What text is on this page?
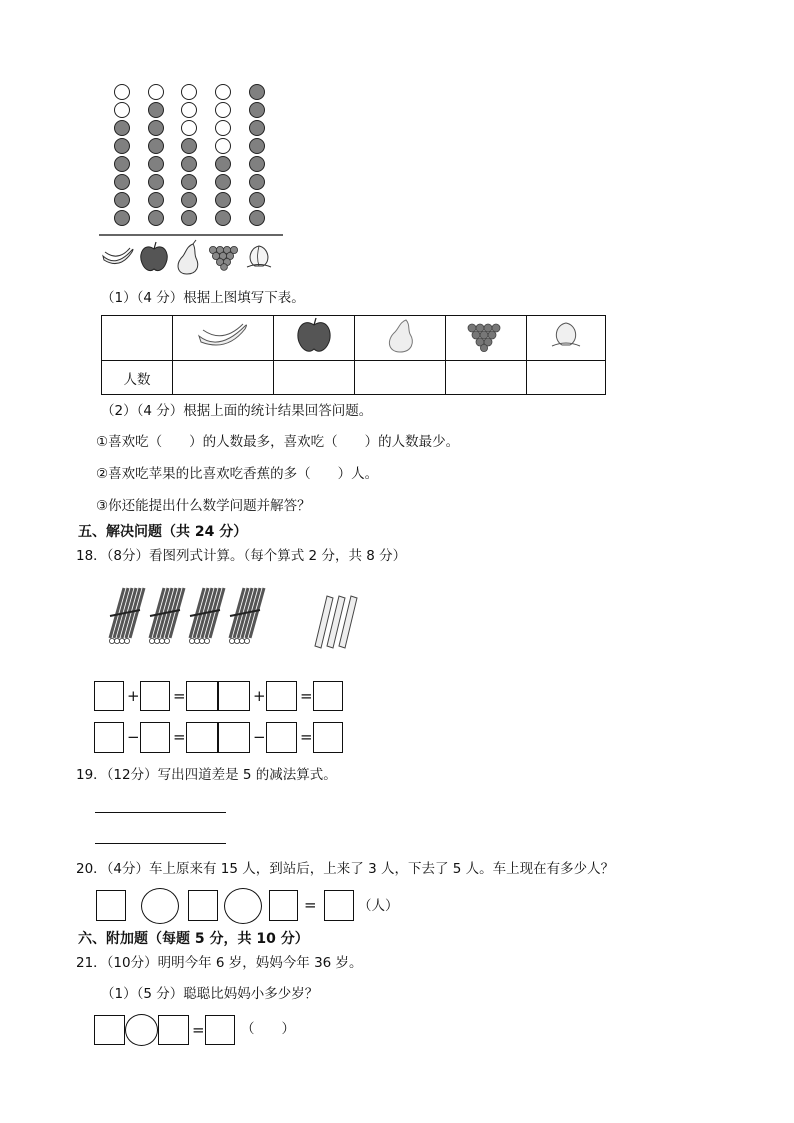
（1）（4 分）根据上图填写下表。

人数					
（2）（4 分）根据上面的统计结果回答问题。
①喜欢吃（　　）的人数最多，喜欢吃（　　）的人数最少。
②喜欢吃苹果的比喜欢吃香蕉的多（　　）人。
③你还能提出什么数学问题并解答？
五、解决问题（共 24 分）
18．（8分）看图列式计算。（每个算式 2 分，共 8 分）
+ =	+ =
− =	− =
19．（12分）写出四道差是 5 的减法算式。
20．（4分）车上原来有 15 人，到站后，上来了 3 人，下去了 5 人。车上现在有多少人？
=	（人）
六、附加题（每题 5 分，共 10 分）
21．（10分）明明今年 6 岁，妈妈今年 36 岁。
（1）（5 分）聪聪比妈妈小多少岁？
=	（　　）
